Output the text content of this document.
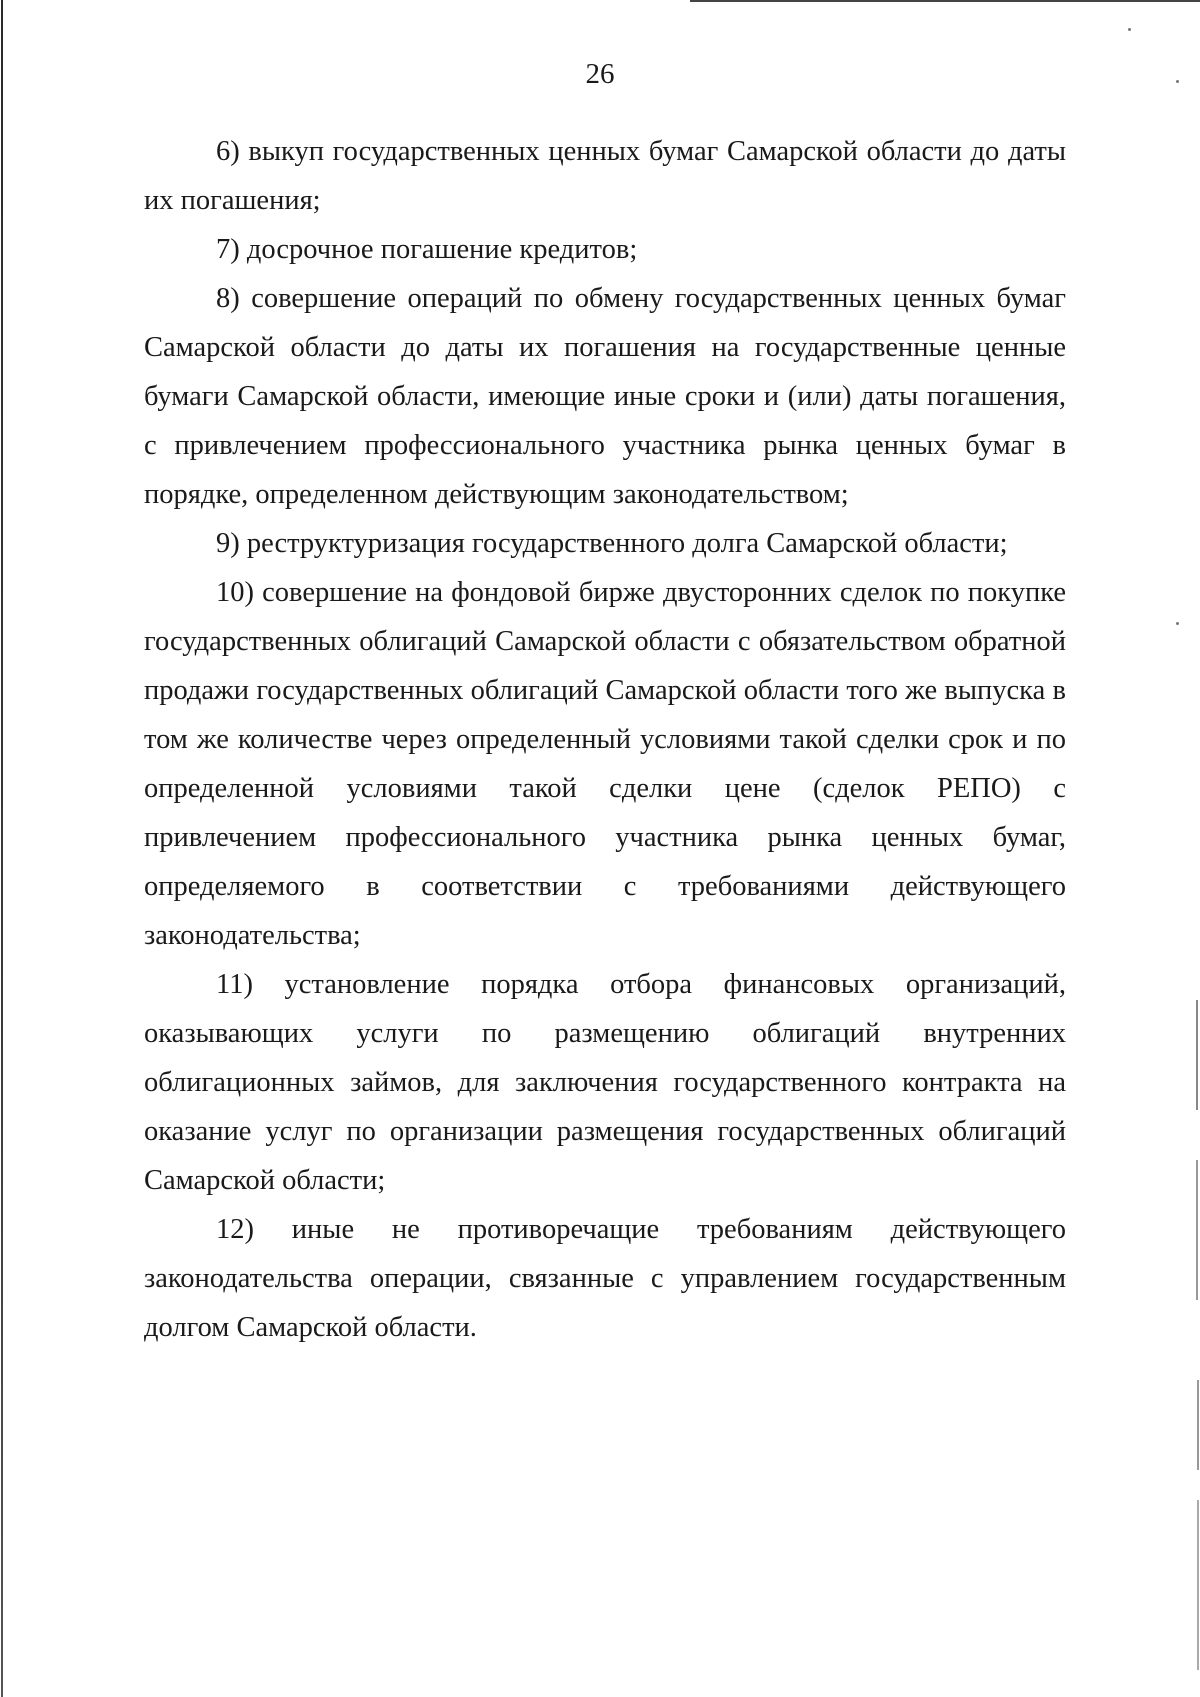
26

6) выкуп государственных ценных бумаг Самарской области до даты их погашения;

7) досрочное погашение кредитов;

8) совершение операций по обмену государственных ценных бумаг Самарской области до даты их погашения на государственные ценные бумаги Самарской области, имеющие иные сроки и (или) даты погашения, с привлечением профессионального участника рынка ценных бумаг в порядке, определенном действующим законодательством;

9) реструктуризация государственного долга Самарской области;

10) совершение на фондовой бирже двусторонних сделок по покупке государственных облигаций Самарской области с обязательством обратной продажи государственных облигаций Самарской области того же выпуска в том же количестве через определенный условиями такой сделки срок и по определенной условиями такой сделки цене (сделок РЕПО) с привлечением профессионального участника рынка ценных бумаг, определяемого в соответствии с требованиями действующего законодательства;

11) установление порядка отбора финансовых организаций, оказывающих услуги по размещению облигаций внутренних облигационных займов, для заключения государственного контракта на оказание услуг по организации размещения государственных облигаций Самарской области;

12) иные не противоречащие требованиям действующего законодательства операции, связанные с управлением государственным долгом Самарской области.
